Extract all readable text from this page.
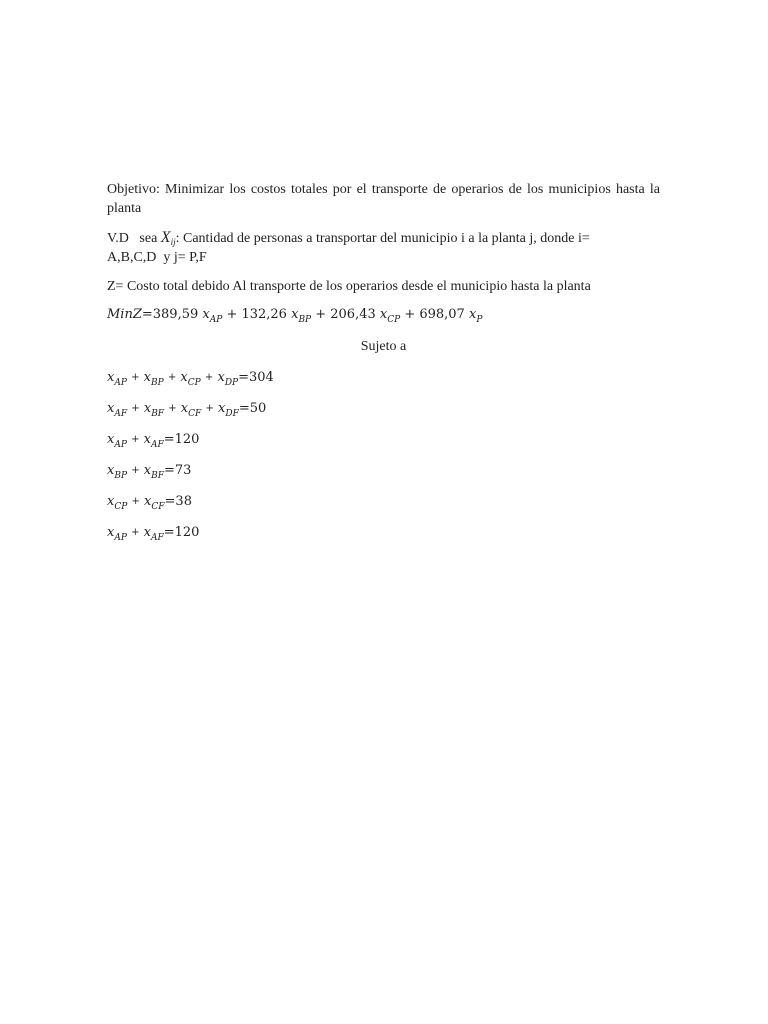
Objetivo: Minimizar los costos totales por el transporte de operarios de los municipios hasta la planta

V.D   sea $X_{ij}$: Cantidad de personas a transportar del municipio i a la planta j, donde i=
A,B,C,D  y j= P,F

Z= Costo total debido Al transporte de los operarios desde el municipio hasta la planta

MinZ=389,59 $x_{AP} + 132,26$ $x_{BP} + 206,43$ $x_{CP} + 698,07$ $x_P$
Sujeto a
$x_{AP} + x_{BP} + x_{CP} + x_{DP}=304$
$x_{AF} + x_{BF} + x_{CF} + x_{DF}=50$
$x_{AP} + x_{AF}=120$
$x_{BP} + x_{BF}=73$
$x_{CP} + x_{CF}=38$
$x_{AP} + x_{AF}=120$
